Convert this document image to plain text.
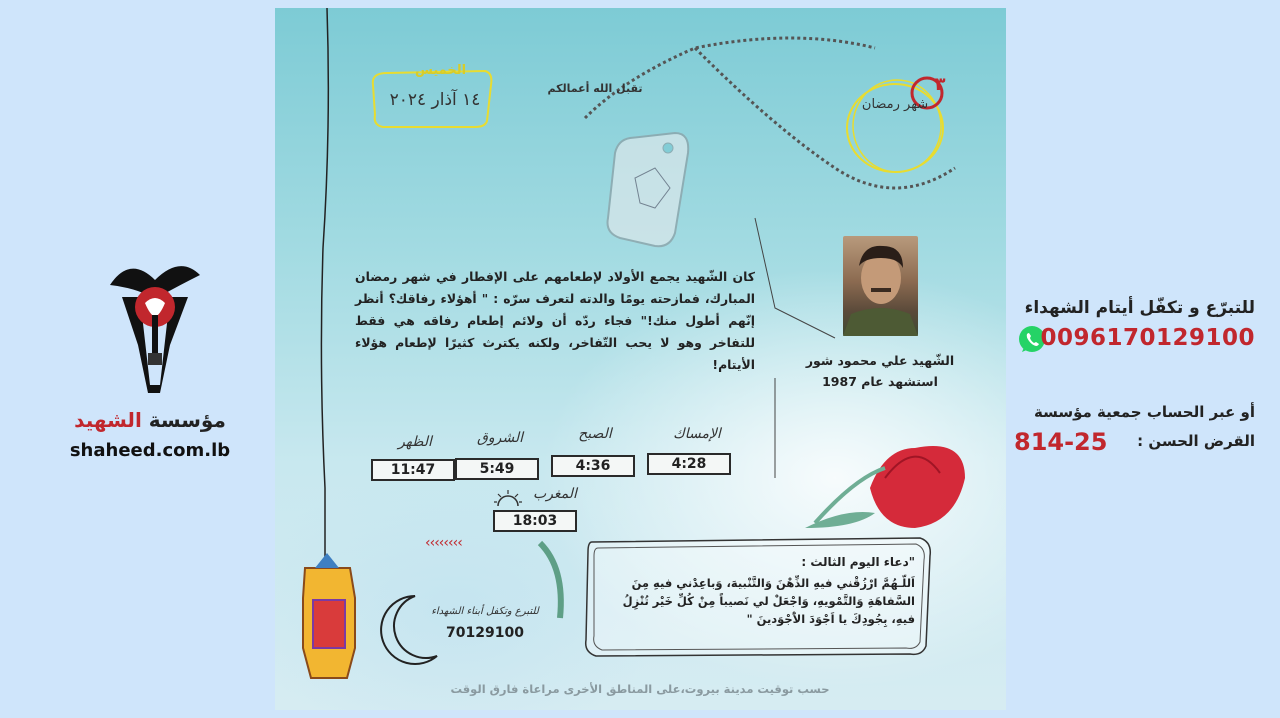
مؤسسة الشهيد
shaheed.com.lb
للتبرّع و تكفّل أيتام الشهداء
0096170129100
أو عبر الحساب جمعية مؤسسة
القرض الحسن :
814-25
تقبل الله أعمالكم
الخميس
١٤ آذار ٢٠٢٤
٣
شهر رمضان
كان الشّهيد يجمع الأولاد لإطعامهم على الإفطار في شهر رمضان المبارك، فمازحته يومًا والدته لتعرف سرّه : " أهؤلاء رفاقك؟ أنظر إنّهم أطول منك!" فجاء ردّه أن ولائم إطعام رفاقه هي فقط للتفاخر وهو لا يحب التّفاخر، ولكنه يكترث كثيرًا لإطعام هؤلاء الأيتام!	الشّهيد علي محمود شور
استشهد عام 1987
الإمساك
4:28
الصبح
4:36
الشروق
5:49
الظهر
11:47
المغرب
18:03
‹‹‹‹‹‹‹‹
"دعاء اليوم الثالث :
اَللّـهُمَّ ارْزُقْني فيهِ الذِّهْنَ وَالتَّنْبيهَ، وَباعِدْني فيهِ مِنَ السَّفاهَةِ وَالتَّمْويهِ، وَاجْعَلْ لي نَصيباً مِنْ كُلِّ خَيْر تُنْزِلُ فيهِ، بِجُودِكَ يا اَجْوَدَ الاَْجْوَدينَ "
للتبرع وتكفل أبناء الشهداء
70129100
حسب توقيت مدينة بيروت،على المناطق الأخرى مراعاة فارق الوقت
